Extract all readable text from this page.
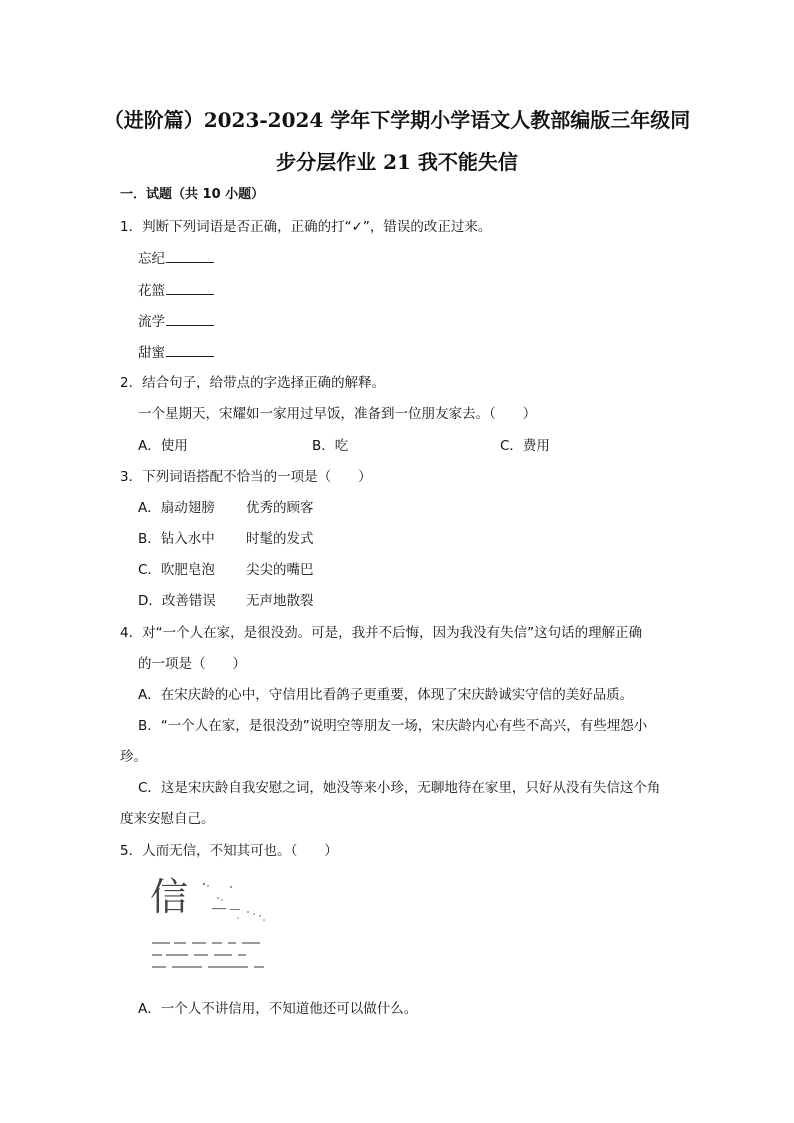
（进阶篇）2023-2024 学年下学期小学语文人教部编版三年级同
步分层作业 21 我不能失信
一．试题（共 10 小题）
1．判断下列词语是否正确，正确的打“✓”，错误的改正过来。
忘纪
花篮
流学
甜蜜
2．结合句子，给带点的字选择正确的解释。
一个星期天，宋耀如一家用过早饭，准备到一位朋友家去。（　　）
A．使用	B．吃	C．费用
3．下列词语搭配不恰当的一项是（　　）
A．扇动翅膀 优秀的顾客
B．钻入水中 时髦的发式
C．吹肥皂泡 尖尖的嘴巴
D．改善错误 无声地散裂
4．对“一个人在家，是很没劲。可是，我并不后悔，因为我没有失信”这句话的理解正确
的一项是（　　）
A．在宋庆龄的心中，守信用比看鸽子更重要，体现了宋庆龄诚实守信的美好品质。
B．“一个人在家，是很没劲”说明空等朋友一场，宋庆龄内心有些不高兴，有些埋怨小
珍。
C．这是宋庆龄自我安慰之词，她没等来小珍，无聊地待在家里，只好从没有失信这个角
度来安慰自己。
5．人而无信，不知其可也。（　　）
信
A．一个人不讲信用，不知道他还可以做什么。
